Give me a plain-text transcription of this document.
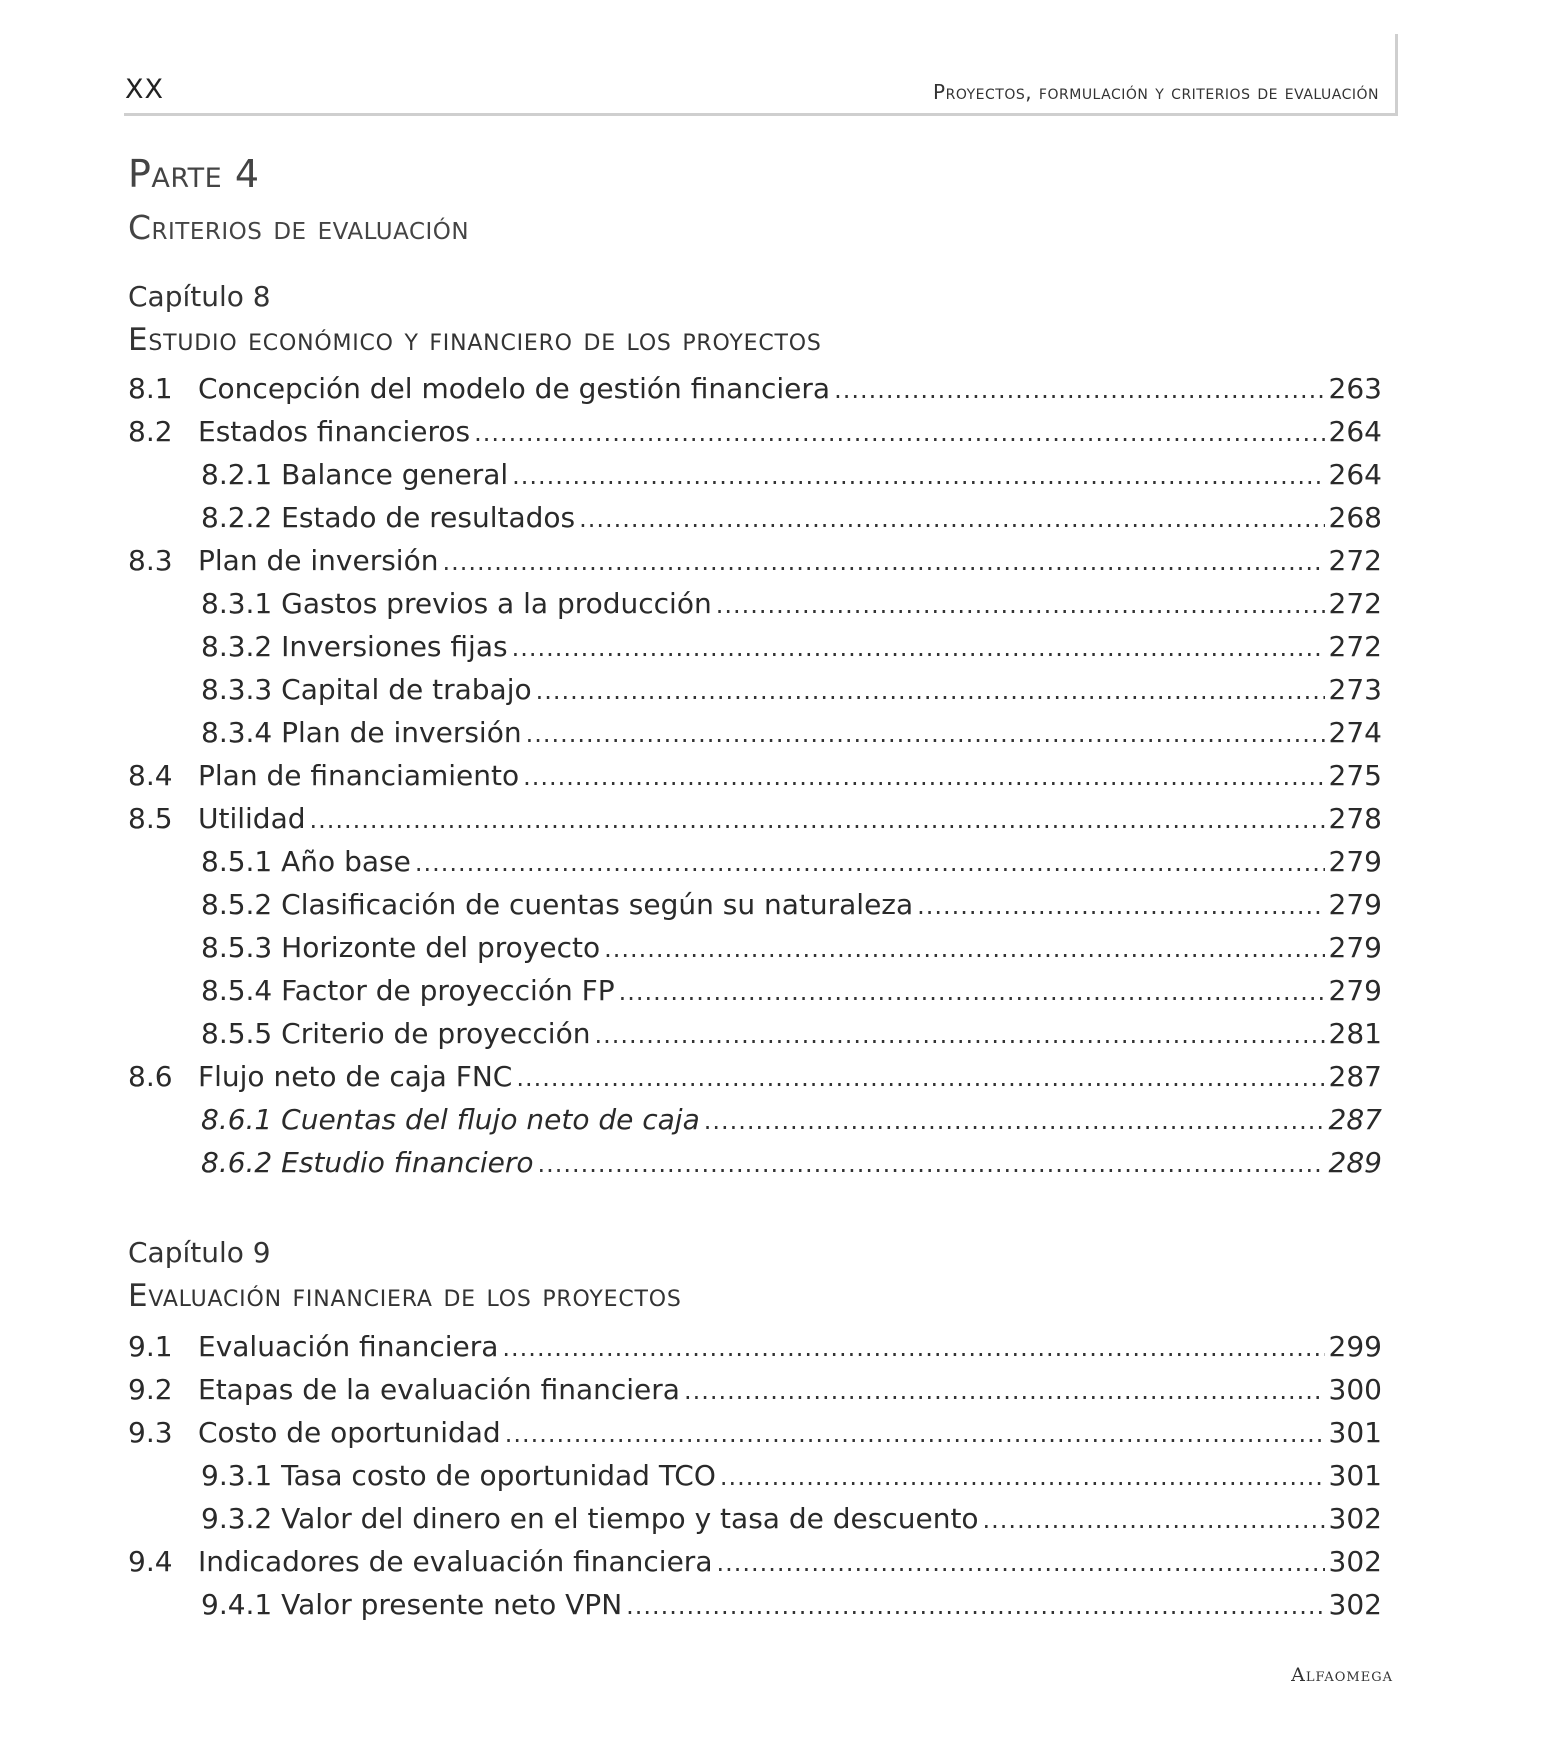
XX	Proyectos, formulación y criterios de evaluación
Parte 4
Criterios de evaluación
Capítulo 8
Estudio económico y financiero de los proyectos
8.1 Concepción del modelo de gestión financiera .....	263
8.2 Estados financieros .....	264
8.2.1 Balance general .....	264
8.2.2 Estado de resultados .....	268
8.3 Plan de inversión .....	272
8.3.1 Gastos previos a la producción .....	272
8.3.2 Inversiones fijas .....	272
8.3.3 Capital de trabajo .....	273
8.3.4 Plan de inversión .....	274
8.4 Plan de financiamiento .....	275
8.5 Utilidad .....	278
8.5.1 Año base .....	279
8.5.2 Clasificación de cuentas según su naturaleza .....	279
8.5.3 Horizonte del proyecto .....	279
8.5.4 Factor de proyección FP .....	279
8.5.5 Criterio de proyección .....	281
8.6 Flujo neto de caja FNC .....	287
8.6.1 Cuentas del flujo neto de caja .....	287
8.6.2 Estudio financiero .....	289
Capítulo 9
Evaluación financiera de los proyectos
9.1 Evaluación financiera .....	299
9.2 Etapas de la evaluación financiera .....	300
9.3 Costo de oportunidad .....	301
9.3.1 Tasa costo de oportunidad TCO .....	301
9.3.2 Valor del dinero en el tiempo y tasa de descuento .....	302
9.4 Indicadores de evaluación financiera .....	302
9.4.1 Valor presente neto VPN .....	302
Alfaomega
